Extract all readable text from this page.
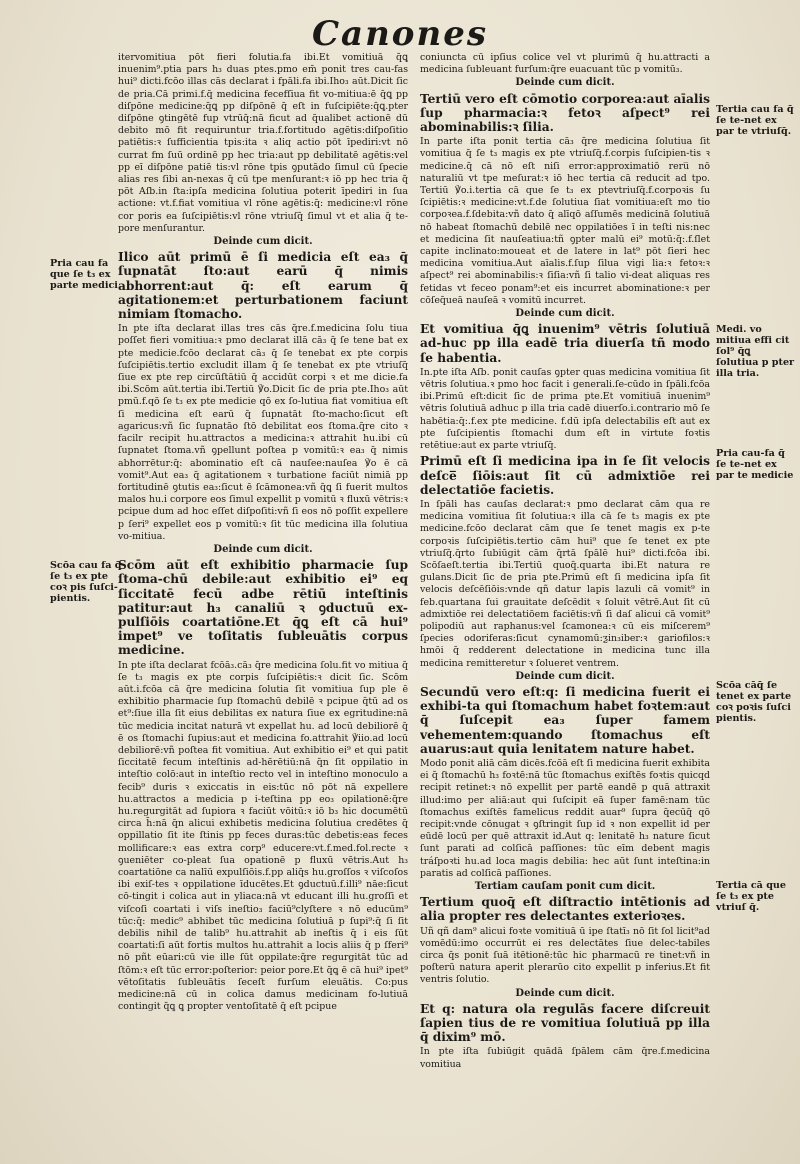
Canones

itervomitiua pōt fieri folutia.fa ibi.Et vomitiuā q̄ꝗ inuenim⁹.ptia pars h₃ duas ptes.pmo em̄ ponit tres cau-fas hui⁹ dicti.fcōo illas cās declarat i fpāli.fa ibi.Iho₃ aūt.Dicit ſic de pria.Cā primi.f.q̄ medicina fecefſiua fit vo-mitiua:ē q̄ꝗ pp diſpōne medicine:q̄ꝗ pp diſpōnē q̄ eſt in fuſcipiēte:q̄ꝗ.pter diſpōne ꝯtingētē fup vtrūq̄:nā ficut ad q̄ualibet actionē dū debito mō fit requiruntur tria.f.fortitudo agētis:diſpoſitio patiētis:ꝛ ſufficientia tpis:ita ꝛ aliq actio pōt īpediri:vt nō currat fm ſuū ordinē pp hec tria:aut pp debilitatē agētis:vel pp eī diſpōne patiē tis:vl rōne tpis ꝯputādo ſimul cū ſpecie alias res ſibi an-nexas q̄ cū tpe menſurant:ꝛ iō pp hec tria q̄ pōt Aſb.in ſta:ipſa medicina ſolutiua poterit īpediri in ſua actione: vt.f.fiat vomitiua vl rōne agētis:q̄: medicine:vl rōne cor poris ea ſuſcipiētis:vl rōne vtriuſq̄ ſimul vt et alia q̄ te-pore menſurantur.

Deinde cum dicit.

Ilico aūt primū ē ſi medicia eſt ea₃ q̄ ſupnatāt ſto:aut earū q̄ nimis abhorrent:aut q̄: eſt earum q̄ agitationem:et perturbationem faciunt nimiam ſtomacho.

In pte iſta declarat illas tres cās q̄re.f.medicina ſolu tiua poſſet fieri vomitiua:ꝛ pmo declarat illā cā₃ q̄ ſe tene bat ex pte medicie.fcōo declarat cā₃ q̄ ſe tenebat ex pte corpis ſuſcipiētis.tertio excludit illam q̄ ſe tenebat ex pte vtriuſq̄ ſiue ex pte rep circūſtātiū q̄ accidūt corpi ꝛ et me dicie.fa ibi.Scōm aūt.tertia ibi.Tertiū ℣o.Dicit ſic de pria pte.Iho₃ aūt pmū.f.qō ſe t₃ ex pte medicie qō ex ſo-lutiua fiat vomitiua eſt ſi medicina eſt earū q̄ ſupnatāt ſto-macho:ſicut eſt agaricus:vñ ſic ſupnatāo ſtō debilitat eos ſtoma.q̄re cito ꝛ facilr recipit hu.attractos a medicina:ꝛ attrahit hu.ibi cū ſupnatet ſtoma.vñ ꝯpellunt poſtea p vomitū:ꝛ ea₃ q̄ nimis abhorrētur:q̄: abominatio eſt cā nauſee:nauſea ℣o ē cā vomit⁹.Aut ea₃ q̄ agitationem ꝛ turbatione faciūt nimiā pp fortitudinē ꝯtutis ea₃:ſicut ē ſcāmonea:vñ q̄ꝗ ſi fuerit multos malos hu.i corpore eos ſimul expellit p vomitū ꝛ fluxū vētris:ꝛ pcipue dum ad hoc eſſet diſpoſiti:vñ ſi eos nō poſſit expellere p ſeri⁹ expellet eos p vomitū:ꝛ ſit tūc medicina illa ſolutiua vo-mitiua.

Deinde cum dicit.

Scōm aūt eſt exhibitio pharmacie ſup ſtoma-chū debile:aut exhibitio ei⁹ eq ſiccitatē fecū adbe rētiū inteſtinis patitur:aut h₃ canaliū ꝛ ꝯductuū ex-pulſiōis coartatiōne.Et q̄ꝗ eſt cā hui⁹ impet⁹ ve toſitatis ſubleuātis corpus medicine.

In pte iſta declarat fcōā₃.cā₃ q̄re medicina ſolu.fit vo mitiua q̄ ſe t₃ magis ex pte corpis ſuſcipiētis:ꝛ dicit ſic. Scōm aūt.i.fcōa cā q̄re medicina ſolutia ſit vomitiua ſup ple ē exhibitio pharmacie ſup ſtomachū debilē ꝛ pcipue q̄tū ad os et⁹:ſiue illa ſit eius debilitas ex natura ſiue ex egritudine:nā tūc medicia incitat naturā vt expellat hu. ad locū debiliorē q̄ ē os ſtomachi ſupius:aut et medicina fo.attrahit ℣iio.ad locū debiliorē:vñ poſtea fit vomitiua. Aut exhibitio ei⁹ et qui patit ſiccitatē fecum inteſtinis ad-hērētiū:nā q̄n ſit oppilatio in inteſtio colō:aut in inteſtio recto vel in inteſtino monoculo a fecib⁹ duris ꝛ exiccatis in eis:tūc nō pōt nā expellere hu.attractos a medicia p i-teſtina pp eo₃ opilationē:q̄re hu.regurgitāt ad ſupiora ꝛ faciūt vōitū:ꝛ iō b₃ hic documētū circa h̄:nā q̄n alicui exhibetis medicina ſolutiua credētes q̄ oppillatio ſit ite ſtinis pp feces duras:tūc debetis:eas feces mollificare:ꝛ eas extra corp⁹ educere:vt.f.med.fol.recte ꝛ ꝯueniēter co-pleat ſua opationē p fluxū vētris.Aut h₃ coartatiōne ca nalīū expulſiōis.f.pp aliq̄s hu.groſſos ꝛ viſcoſos ibi exiſ-tes ꝛ oppilatione īducētes.Et ꝯductuū.f.illi⁹ nāe:ſicut cō-tingit i colica aut in yliaca:nā vt educant illi hu.groſſi et viſcoſi coartati i viſs ineſtio₃ faciū⁹clyſtere ꝛ nō educūm⁹ tūc:q̄: medic⁹ abhibet tūc medicina ſolutiuā p ſupi⁹:q̄ ſi ſit debilis nihil de talib⁹ hu.attrahit ab ineſtis q̄ i eis ſūt coartati:ſi aūt fortis multos hu.attrahit a locis aliis q̄ p ſferi⁹ nō pñt eūari:cū vie ille ſūt oppilate:q̄re regurgitāt tūc ad ſtōm:ꝛ eſt tūc error:poſterior: peior pore.Et q̄ꝗ ē cā hui⁹ ipet⁹ vētoſitatis ſubleuātis ſeceſt furſum eleuātis. Co:pus medicine:nā cū in colica damus medicinam fo-lutiuā contingit q̄ꝗ ꝗ propter ventoſitatē q̄ eſt pcipue

coniuncta cū ipſius colice vel vt plurimū q̄ hu.attracti a medicina ſubleuant furſum:q̄re euacuant tūc p vomitū₃.

Deinde cum dicit.

Tertiū vero eſt cōmotio corporea:aut aīalis ſup pharmacia:ꝛ fetoꝛ aſpect⁹ rei abominabilis:ꝛ ſilia.

In parte iſta ponit tertia cā₃ q̄re medicina ſolutiua ſit vomitiua q̄ ſe t₃ magis ex pte vtriuſq̄.f.corpis ſuſcipien-tis ꝛ medicine.q̄ cā nō eſt niſi error:approximatiō reru̅ nō naturaliū vt tpe meſurat:ꝛ iō hec tertia cā reducit ad tpo. Tertiū ℣o.i.tertia cā que ſe t₃ ex ptevtriuſq̄.f.corpoꝛis ſu ſcipiētis:ꝛ medicine:vt.f.de ſolutiua ſiat vomitiua:eſt mo tio corpoꝛea.f.ſdebita:vñ dato q̄ alīqō aſſumēs medicinā ſolutiuā nō habeat ſtomachū debilē nec oppilatiōes ī in teſti nis:nec et medicina ſit nauſeatiua:tñ ꝯpter malū ei⁹ motū:q̄:.f.ſlet capite inclinato:moueat et de latere in lat⁹ pōt ſieri hec medicina vomitiua.Aut aīalis.f.ſup ſilua vigi lia:ꝛ fetoꝛ:ꝛ aſpect⁹ rei abominabilis:ꝛ ſiſia:vñ ſi talio vi-deat aliquas res fetidas vt feceo ponam⁹:et eis incurret abominatione:ꝛ per cōſeq̄ueā nauſeā ꝛ vomitū incurret.

Deinde cum dicit.

Et vomitiua q̄ꝗ inuenim⁹ vētris ſolutiuā ad-huc pp illa eadē tria diuerſa tñ modo ſe habentia.

In.pte iſta Aſb. ponit cauſas ꝯpter quas medicina vomitiua ſit vētris ſolutiua.ꝛ pmo hoc facit i generali.ſe-cūdo in ſpāli.fcōa ibi.Primū eſt:dicit ſic de prima pte.Et vomitiuā inuenim⁹ vētris ſolutiuā adhuc p illa tria cadē diuerſo.i.contrario mō ſe habētia:q̄:.f.ex pte medicine. f.dū ipſa delectabilis eſt aut ex pte ſuſcipientis ſtomachi dum eſt in virtute foꝛtis retētiue:aut ex parte vtriuſq̄.

Primū eſt ſi medicina ipa in ſe ſit velocis deſce̅ ſiōis:aut ſit cū admixtiōe rei delectatiōe facietis.

In ſpāli has cauſas declarat:ꝛ pmo declarat cām qua re medicina vomitiua ſit ſolutiua:ꝛ illa cā ſe t₃ magis ex pte medicine.fcōo declarat cām que ſe tenet magis ex p-te corpoꝛis ſuſcipiētis.tertio cām hui⁹ que ſe tenet ex pte vtriuſq̄.q̄rto ſubiūgit cām q̄rtā ſpālē hui⁹ dicti.fcōa ibi. Scōſaeſt.tertia ibi.Tertiū quoq̄.quarta ibi.Et natura re gulans.Dicit ſic de pria pte.Primū eſt ſi medicina ipſa ſit velocis deſcēſiōis:vnde qñ datur lapis lazuli cā vomit⁹ in feb.quartana ſui grauitate deſcēdit ꝛ ſoluit vētrē.Aut ſit cū admixtiōe rei delectatiōem faciētis:vñ ſi daſ alicui cā vomit⁹ polipodiū aut raphanus:vel ſcamonea:ꝛ cū eis miſcerem⁹ ſpecies odoriferas:ſicut cynamomū:ƺin₃iber:ꝛ gariofilos:ꝛ hmōi q̄ redderent delectatione in medicina tunc illa medicina remitteretur ꝛ ſolueret ventrem.

Deinde cum dicit.

Secundū vero eſt:q: ſi medicina fuerit ei exhibi-ta qui ſtomachum habet foꝛtem:aut q̄ ſuſcepit ea₃ ſuper famem vehementem:quando ſtomachus eſt auarus:aut quia lenitatem nature habet.

Modo ponit aliā cām dicēs.fcōā eſt ſi medicina fuerit exhibita ei q̄ ſtomachū h₃ foꝛtē:nā tūc ſtomachus exiſtēs foꝛtis quicqd recipit retinet:ꝛ nō expellit per partē eandē p quā attraxit illud:imo per aliā:aut qui ſuſcipit eā ſuper famē:nam tūc ſtomachus exiſtēs famelicus reddit auar⁹ ſupra q̄ecūq̄ qō recipit:vnde cōnugat ꝛ ꝯſtringit ſup id ꝛ non expellit id per eūdē locū per quē attraxit id.Aut q: lenitatē h₃ nature ſicut ſunt parati ad colſicā paſſiones: tūc eīm debent magis tráſpoꝛti hu.ad loca magis debilia: hec aūt ſunt inteſtina:in paratis ad colſicā paſſiones.

Tertiam cauſam ponit cum dicit.

Tertium quoq̄ eſt diſtractio intētionis ad alia propter res delectantes exterioꝛes.

Uñ qñ dam⁹ alicui foꝛte vomitiuā ū ipe ſtatī₃ nō ſit ſol licit⁹ad vomēdū:imo occurrūt ei res delectātes ſiue delec-tabiles circa q̄s ponit ſuā itētionē:tūc hic pharmacū re tinet:vñ in poſterū natura aperit plerarūo cito expellit p inferius.Et fit ventris ſolutio.

Deinde cum dicit.

Et q: natura ola regulās facere diſcreuit ſapien tius de re vomitiua ſolutiuā pp illa q̄ dixim⁹ mō.

In pte iſta ſubiūgit quādā ſpālem cām q̄re.f.medicina vomitiua

Pria cau fa que ſe t₃ ex parte medici.
Scōa cau fa q̄ ſe t₃ ex pte coꝛ pis ſuſci-pientis.
Tertia cau fa q̄ ſe te-net ex par te vtriuſq̄.
Medi. vo mitiua effi cit ſol⁹ q̄ꝗ ſolutiua p pter illa tria.
Pria cau-fa q̄ ſe te-net ex par te medicie
Scōa cāq̄ ſe tenet ex parte coꝛ poꝛis ſuſci pientis.
Tertia cā que ſe t₃ ex pte vtriuſ q̄.
